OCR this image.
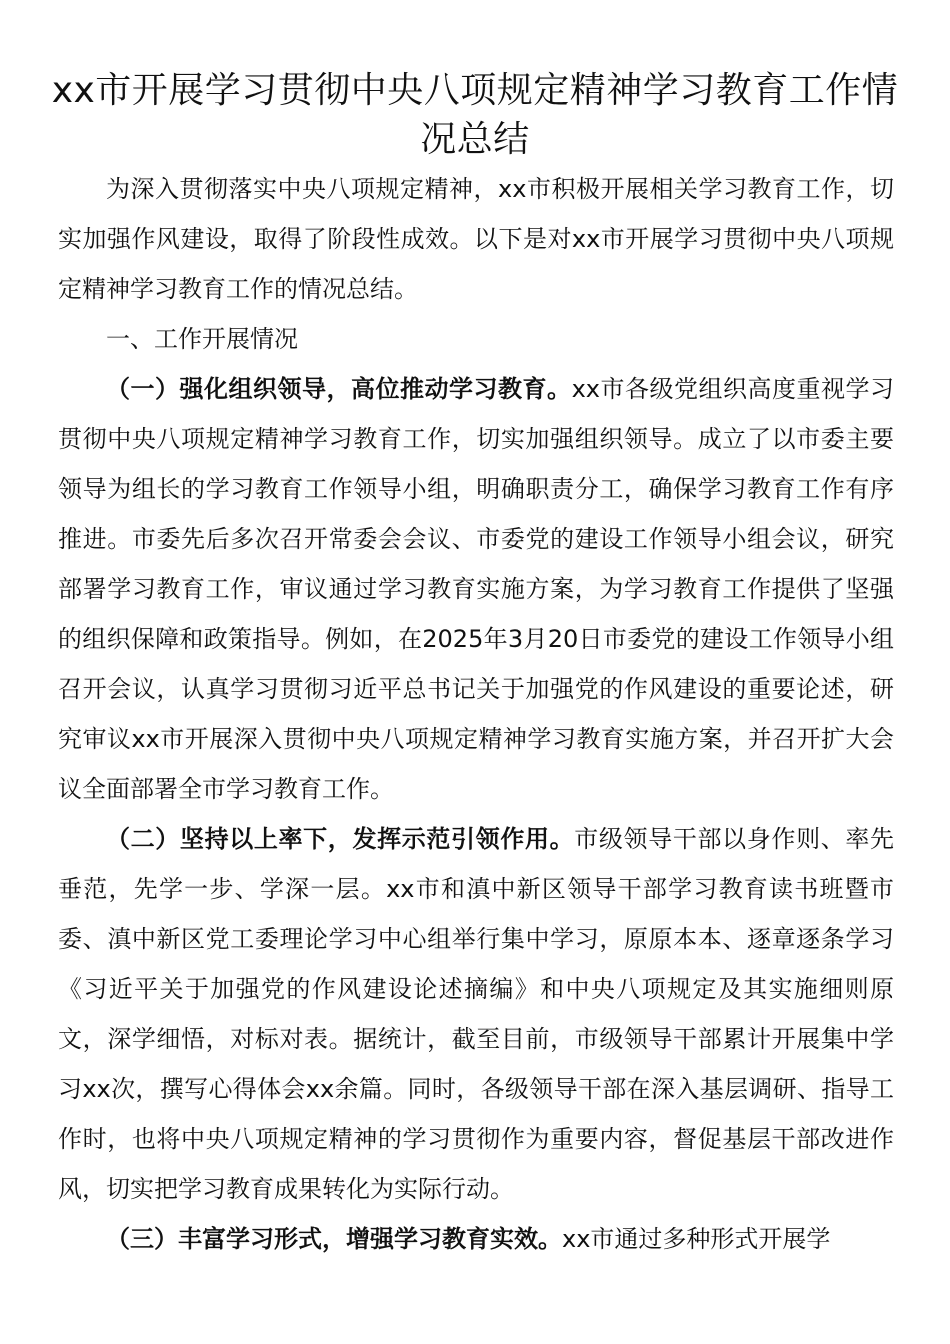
xx市开展学习贯彻中央八项规定精神学习教育工作情况总结

为深入贯彻落实中央八项规定精神，xx市积极开展相关学习教育工作，切实加强作风建设，取得了阶段性成效。以下是对xx市开展学习贯彻中央八项规定精神学习教育工作的情况总结。

一、工作开展情况

（一）强化组织领导，高位推动学习教育。xx市各级党组织高度重视学习贯彻中央八项规定精神学习教育工作，切实加强组织领导。成立了以市委主要领导为组长的学习教育工作领导小组，明确职责分工，确保学习教育工作有序推进。市委先后多次召开常委会会议、市委党的建设工作领导小组会议，研究部署学习教育工作，审议通过学习教育实施方案，为学习教育工作提供了坚强的组织保障和政策指导。例如，在2025年3月20日市委党的建设工作领导小组召开会议，认真学习贯彻习近平总书记关于加强党的作风建设的重要论述，研究审议xx市开展深入贯彻中央八项规定精神学习教育实施方案，并召开扩大会议全面部署全市学习教育工作。

（二）坚持以上率下，发挥示范引领作用。市级领导干部以身作则、率先垂范，先学一步、学深一层。xx市和滇中新区领导干部学习教育读书班暨市委、滇中新区党工委理论学习中心组举行集中学习，原原本本、逐章逐条学习《习近平关于加强党的作风建设论述摘编》和中央八项规定及其实施细则原文，深学细悟，对标对表。据统计，截至目前，市级领导干部累计开展集中学习xx次，撰写心得体会xx余篇。同时，各级领导干部在深入基层调研、指导工作时，也将中央八项规定精神的学习贯彻作为重要内容，督促基层干部改进作风，切实把学习教育成果转化为实际行动。

（三）丰富学习形式，增强学习教育实效。xx市通过多种形式开展学
